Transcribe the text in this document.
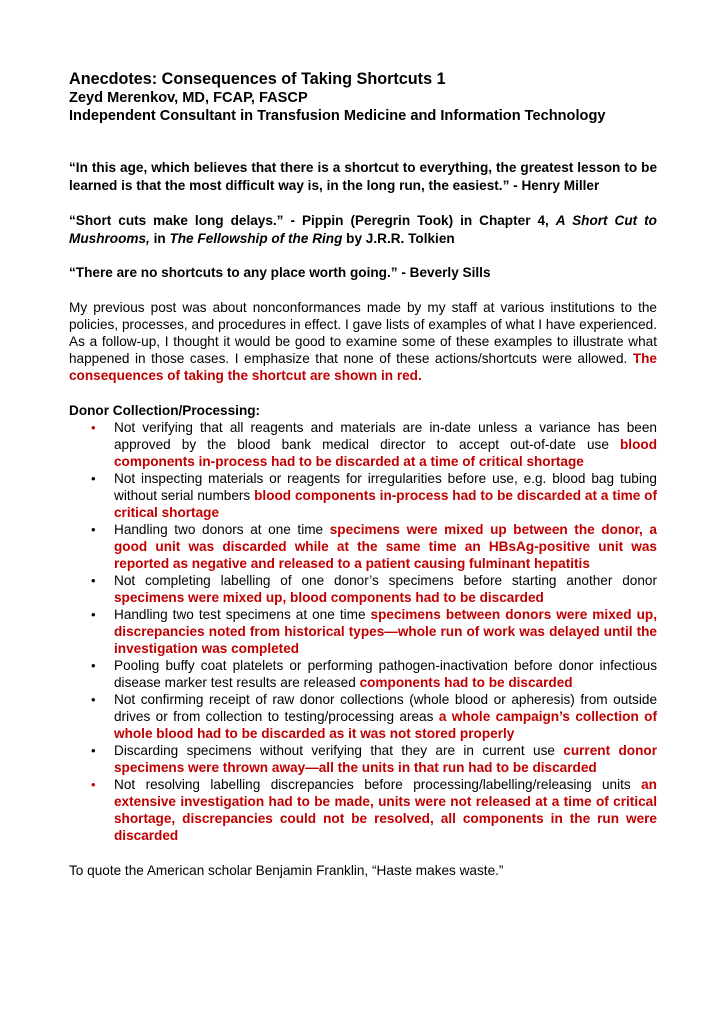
Anecdotes: Consequences of Taking Shortcuts 1

Zeyd Merenkov, MD, FCAP, FASCP

Independent Consultant in Transfusion Medicine and Information Technology

“In this age, which believes that there is a shortcut to everything, the greatest lesson to be learned is that the most difficult way is, in the long run, the easiest.” - Henry Miller

“Short cuts make long delays.” - Pippin (Peregrin Took) in Chapter 4, A Short Cut to Mushrooms, in The Fellowship of the Ring by J.R.R. Tolkien

“There are no shortcuts to any place worth going.” - Beverly Sills

My previous post was about nonconformances made by my staff at various institutions to the policies, processes, and procedures in effect. I gave lists of examples of what I have experienced. As a follow-up, I thought it would be good to examine some of these examples to illustrate what happened in those cases. I emphasize that none of these actions/shortcuts were allowed. The consequences of taking the shortcut are shown in red.

Donor Collection/Processing:

• Not verifying that all reagents and materials are in-date unless a variance has been approved by the blood bank medical director to accept out-of-date use blood components in-process had to be discarded at a time of critical shortage
• Not inspecting materials or reagents for irregularities before use, e.g. blood bag tubing without serial numbers blood components in-process had to be discarded at a time of critical shortage
• Handling two donors at one time specimens were mixed up between the donor, a good unit was discarded while at the same time an HBsAg-positive unit was reported as negative and released to a patient causing fulminant hepatitis
• Not completing labelling of one donor’s specimens before starting another donor specimens were mixed up, blood components had to be discarded
• Handling two test specimens at one time specimens between donors were mixed up, discrepancies noted from historical types—whole run of work was delayed until the investigation was completed
• Pooling buffy coat platelets or performing pathogen-inactivation before donor infectious disease marker test results are released components had to be discarded
• Not confirming receipt of raw donor collections (whole blood or apheresis) from outside drives or from collection to testing/processing areas a whole campaign’s collection of whole blood had to be discarded as it was not stored properly
• Discarding specimens without verifying that they are in current use current donor specimens were thrown away—all the units in that run had to be discarded
• Not resolving labelling discrepancies before processing/labelling/releasing units an extensive investigation had to be made, units were not released at a time of critical shortage, discrepancies could not be resolved, all components in the run were discarded

To quote the American scholar Benjamin Franklin, “Haste makes waste.”
